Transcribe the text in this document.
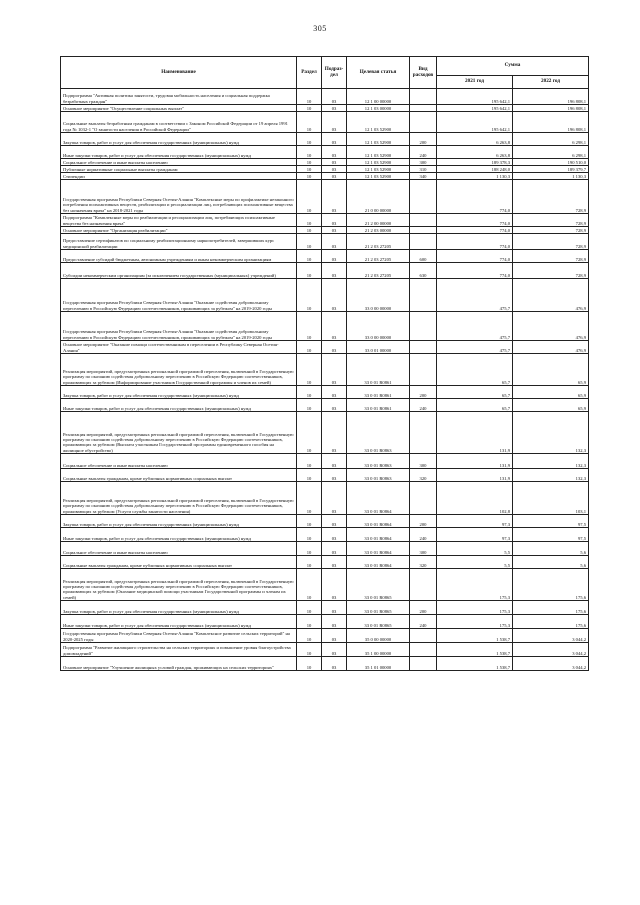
305
Наименование	Раздел	Подраз- дел	Целевая статья	Вид расходов	Сумма	
					2021 год	2022 год
Подпрограмма "Активная политика занятости, трудовая мобильность населения и социальная поддержка безработных граждан"	10	03	12 1 00 00000		195 642,1	196 808,1
Основное мероприятие "Осуществление социальных выплат"	10	03	12 1 03 00000		195 642,1	196 808,1
Социальные выплаты безработным гражданам в соответствии с Законом Российской Федерации от 19 апреля 1991 года № 1032-1 "О занятости населения в Российской Федерации"	10	03	12 1 03 52900		195 642,1	196 808,1
Закупка товаров, работ и услуг для обеспечения государственных (муниципальных) нужд	10	03	12 1 03 52900	200	6 263,8	6 298,1
Иные закупки товаров, работ и услуг для обеспечения государственных (муниципальных) нужд	10	03	12 1 03 52900	240	6 263,8	6 298,1
Социальное обеспечение и иные выплаты населению	10	03	12 1 03 52900	300	189 378,3	190 510,0
Публичные нормативные социальные выплаты гражданам	10	03	12 1 03 52900	310	188 248,0	189 379,7
Стипендии	10	03	12 1 03 52900	340	1 130,3	1 130,3
Государственная программа Республики Северная Осетия-Алания "Комплексные меры по профилактике незаконного потребления психоактивных веществ, реабилитации и ресоциализации лиц, потребляющих психоактивные вещества без назначения врача" на 2018-2021 годы	10	03	21 0 00 00000		774,0	728,9
Подпрограмма "Комплексные меры по реабилитации и ресоциализации лиц, потребляющих психоактивные вещества без назначения врача"	10	03	21 2 00 00000		774,0	728,9
Основное мероприятие "Организация реабилитации"	10	03	21 2 03 00000		774,0	728,9
Предоставление сертификатов по социальному реабилитационному наркопотребителей, завершивших курс медицинской реабилитации	10	03	21 2 03 27205		774,0	728,9
Предоставление субсидий бюджетным, автономным учреждениям и иным некоммерческим организациям	10	03	21 2 03 27205	600	774,0	728,9
Субсидии некоммерческим организациям (за исключением государственных (муниципальных) учреждений)	10	03	21 2 03 27205	630	774,0	728,9
Государственная программа Республики Северная Осетия-Алания "Оказание содействия добровольному переселению в Российскую Федерацию соотечественников, проживающих за рубежом" на 2019-2020 годы	10	03	33 0 00 00000		475,7	476,9
Государственная программа Республики Северная Осетия-Алания "Оказание содействия добровольному переселению в Российскую Федерацию соотечественников, проживающих за рубежом" на 2019-2020 годы	10	03	33 0 00 00000		475,7	476,9
Основное мероприятие "Оказание помощи соотечественникам в переселении в Республику Северная Осетия-Алания"	10	03	33 0 01 00000		475,7	476,9
Реализация мероприятий, предусмотренных региональной программой переселения, включенной в Государственную программу по оказанию содействия добровольному переселению в Российскую Федерацию соотечественников, проживающих за рубежом (Информирование участников Государственной программы и членов их семей)	10	03	33 0 01 R0861		65,7	65,9
Закупка товаров, работ и услуг для обеспечения государственных (муниципальных) нужд	10	03	33 0 01 R0861	200	65,7	65,9
Иные закупки товаров, работ и услуг для обеспечения государственных (муниципальных) нужд	10	03	33 0 01 R0861	240	65,7	65,9
Реализация мероприятий, предусмотренных региональной программой переселения, включенной в Государственную программу по оказанию содействия добровольному переселению в Российскую Федерацию соотечественников, проживающих за рубежом (Выплата участникам Государственной программы единовременного пособия на жилищное обустройство)	10	03	33 0 01 R0863		131,9	132,3
Социальное обеспечение и иные выплаты населению	10	03	33 0 01 R0863	300	131,9	132,3
Социальные выплаты гражданам, кроме публичных нормативных социальных выплат	10	03	33 0 01 R0863	320	131,9	132,3
Реализация мероприятий, предусмотренных региональной программой переселения, включенной в Государственную программу по оказанию содействия добровольному переселению в Российскую Федерацию соотечественников, проживающих за рубежом (Услуги службы занятости населения)	10	03	33 0 01 R0864		102,8	103,1
Закупка товаров, работ и услуг для обеспечения государственных (муниципальных) нужд	10	03	33 0 01 R0864	200	97,3	97,5
Иные закупки товаров, работ и услуг для обеспечения государственных (муниципальных) нужд	10	03	33 0 01 R0864	240	97,3	97,5
Социальное обеспечение и иные выплаты населению	10	03	33 0 01 R0864	300	5,5	5,6
Социальные выплаты гражданам, кроме публичных нормативных социальных выплат	10	03	33 0 01 R0864	320	5,5	5,6
Реализация мероприятий, предусмотренных региональной программой переселения, включенной в Государственную программу по оказанию содействия добровольному переселению в Российскую Федерацию соотечественников, проживающих за рубежом (Оказание медицинской помощи участникам Государственной программы и членам их семей)	10	03	33 0 01 R0865		175,3	175,6
Закупка товаров, работ и услуг для обеспечения государственных (муниципальных) нужд	10	03	33 0 01 R0865	200	175,3	175,6
Иные закупки товаров, работ и услуг для обеспечения государственных (муниципальных) нужд	10	03	33 0 01 R0865	240	175,3	175,6
Государственная программа Республики Северная Осетия-Алания "Комплексное развитие сельских территорий" на 2020-2025 годы	10	03	35 0 00 00000		1 538,7	3 044,2
Подпрограмма "Развитие жилищного строительства на сельских территориях и повышение уровня благоустройства домовладений"	10	03	35 1 00 00000		1 538,7	3 044,2
Основное мероприятие "Улучшение жилищных условий граждан, проживающих на сельских территориях"	10	03	35 1 01 00000		1 538,7	3 044,2
